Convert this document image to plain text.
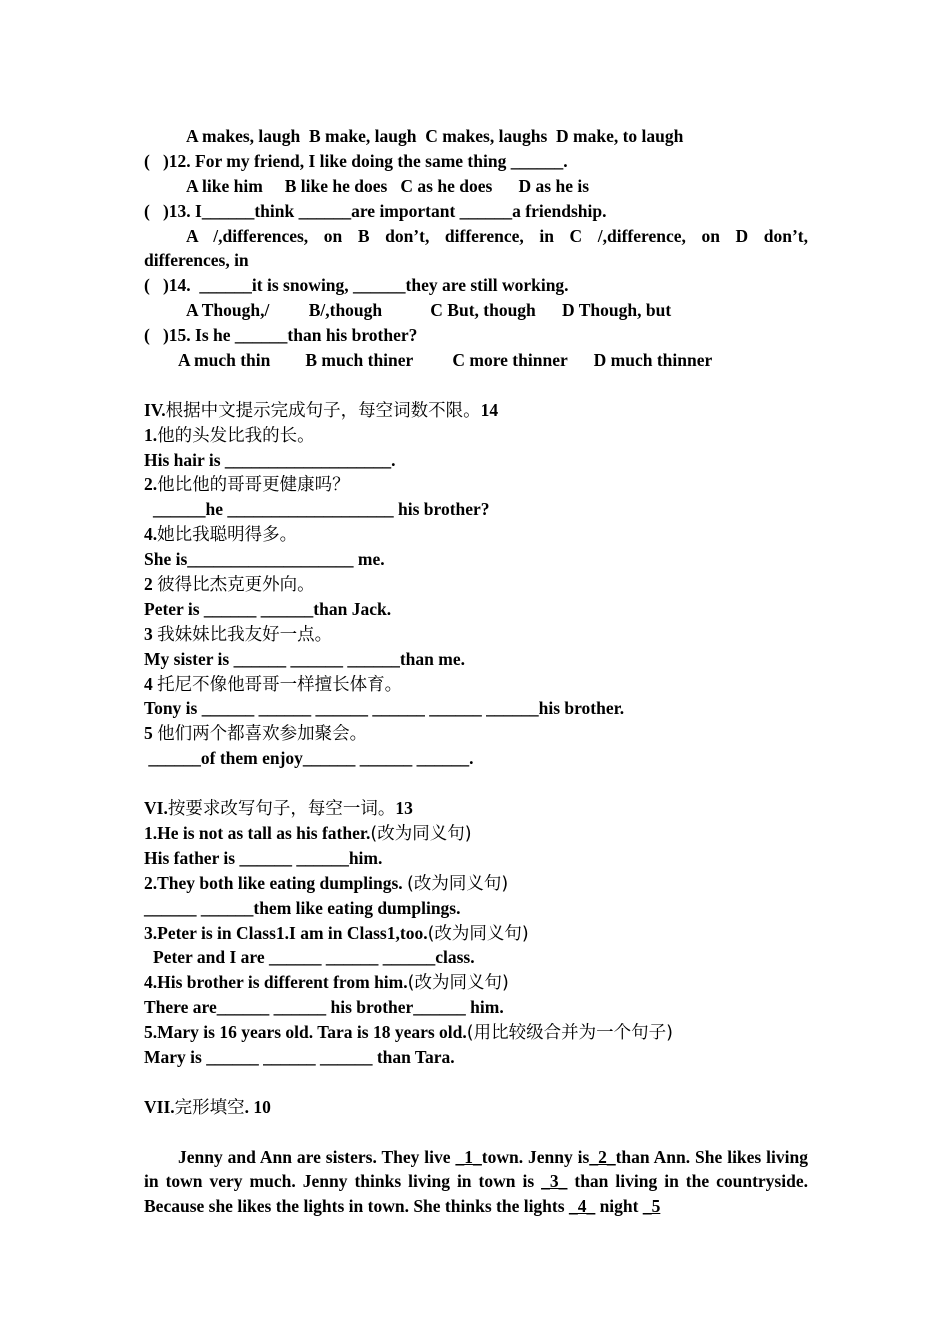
A makes, laugh  B make, laugh  C makes, laughs  D make, to laugh
(   )12. For my friend, I like doing the same thing ______.
A like him     B like he does   C as he does      D as he is
(   )13. I______think ______are important ______a friendship.
A /,differences, on B don’t, difference, in C /,difference, on D don’t,
differences, in
(   )14.  ______it is snowing, ______they are still working.
A Though,/         B/,though           C But, though      D Though, but
(   )15. Is he ______than his brother?
A much thin        B much thiner         C more thinner      D much thinner
IV.根据中文提示完成句子，每空词数不限。14
1.他的头发比我的长。
His hair is ___________________.
2.他比他的哥哥更健康吗？
______he ___________________ his brother?
4.她比我聪明得多。
She is___________________ me.
2 彼得比杰克更外向。
Peter is ______ ______than Jack.
3 我妹妹比我友好一点。
My sister is ______ ______ ______than me.
4 托尼不像他哥哥一样擅长体育。
Tony is ______ ______ ______ ______ ______ ______his brother.
5 他们两个都喜欢参加聚会。
______of them enjoy______ ______ ______.
VI.按要求改写句子，每空一词。13
1.He is not as tall as his father.(改为同义句)
His father is ______ ______him.
2.They both like eating dumplings. (改为同义句)
______ ______them like eating dumplings.
3.Peter is in Class1.I am in Class1,too.(改为同义句)
Peter and I are ______ ______ ______class.
4.His brother is different from him.(改为同义句)
There are______ ______ his brother______ him.
5.Mary is 16 years old. Tara is 18 years old.(用比较级合并为一个句子)
Mary is ______ ______ ______ than Tara.
VII.完形填空. 10
Jenny and Ann are sisters. They live _1_town. Jenny is_2_than Ann. She likes living in town very much. Jenny thinks living in town is _3_ than living in the countryside. Because she likes the lights in town. She thinks the lights _4_ night _5
